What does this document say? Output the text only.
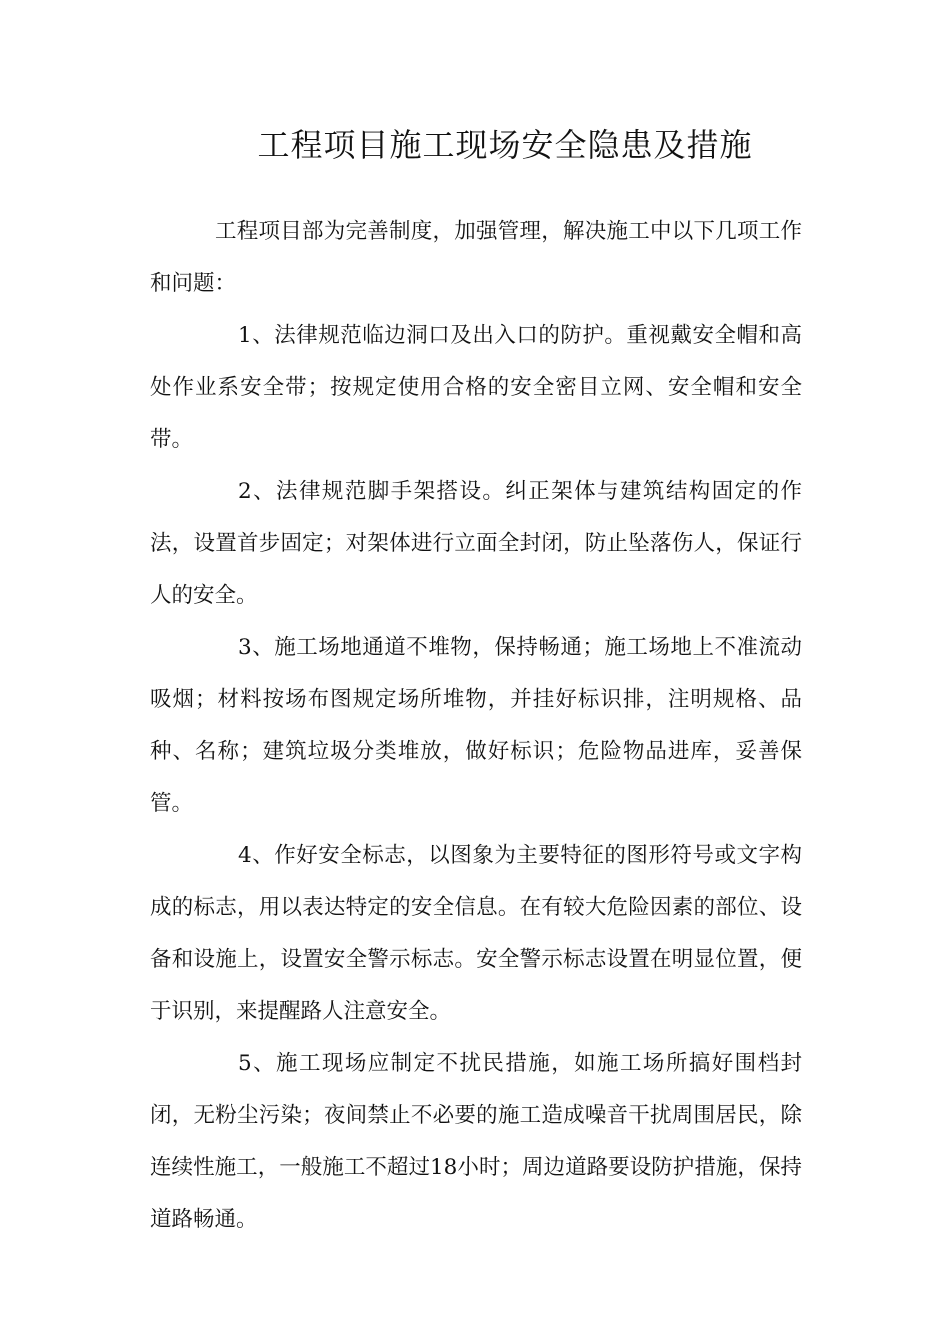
工程项目施工现场安全隐患及措施

工程项目部为完善制度，加强管理，解决施工中以下几项工作和问题：

1、法律规范临边洞口及出入口的防护。重视戴安全帽和高处作业系安全带；按规定使用合格的安全密目立网、安全帽和安全带。

2、法律规范脚手架搭设。纠正架体与建筑结构固定的作法，设置首步固定；对架体进行立面全封闭，防止坠落伤人，保证行人的安全。

3、施工场地通道不堆物，保持畅通；施工场地上不准流动吸烟；材料按场布图规定场所堆物，并挂好标识排，注明规格、品种、名称；建筑垃圾分类堆放，做好标识；危险物品进库，妥善保管。

4、作好安全标志，以图象为主要特征的图形符号或文字构成的标志，用以表达特定的安全信息。在有较大危险因素的部位、设备和设施上，设置安全警示标志。安全警示标志设置在明显位置，便于识别，来提醒路人注意安全。

5、施工现场应制定不扰民措施，如施工场所搞好围档封闭，无粉尘污染；夜间禁止不必要的施工造成噪音干扰周围居民，除连续性施工，一般施工不超过18小时；周边道路要设防护措施，保持道路畅通。
